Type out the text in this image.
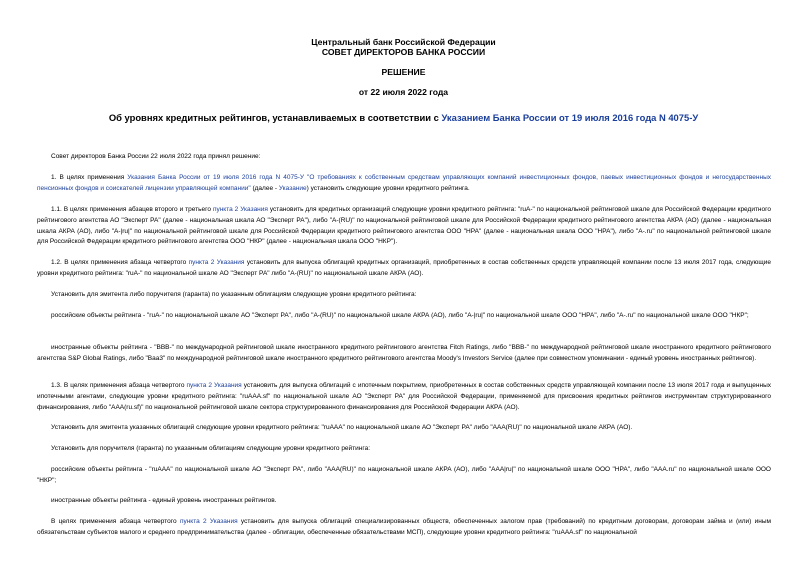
Центральный банк Российской Федерации
СОВЕТ ДИРЕКТОРОВ БАНКА РОССИИ
РЕШЕНИЕ
от 22 июля 2022 года
Об уровнях кредитных рейтингов, устанавливаемых в соответствии с Указанием Банка России от 19 июля 2016 года N 4075-У

Совет директоров Банка России 22 июля 2022 года принял решение:

1. В целях применения Указания Банка России от 19 июля 2016 года N 4075-У "О требованиях к собственным средствам управляющих компаний инвестиционных фондов, паевых инвестиционных фондов и негосударственных пенсионных фондов и соискателей лицензии управляющей компании" (далее - Указание) установить следующие уровни кредитного рейтинга.

1.1. В целях применения абзацев второго и третьего пункта 2 Указания установить для кредитных организаций следующие уровни кредитного рейтинга: "ruA-" по национальной рейтинговой шкале для Российской Федерации кредитного рейтингового агентства АО "Эксперт РА" (далее - национальная шкала АО "Эксперт РА"), либо "A-(RU)" по национальной рейтинговой шкале для Российской Федерации кредитного рейтингового агентства АКРА (АО) (далее - национальная шкала АКРА (АО), либо "A-|ru|" по национальной рейтинговой шкале для Российской Федерации кредитного рейтингового агентства ООО "НРА" (далее - национальная шкала ООО "НРА"), либо "A-.ru" по национальной рейтинговой шкале для Российской Федерации кредитного рейтингового агентства ООО "НКР" (далее - национальная шкала ООО "НКР").

1.2. В целях применения абзаца четвертого пункта 2 Указания установить для выпуска облигаций кредитных организаций, приобретенных в состав собственных средств управляющей компании после 13 июля 2017 года, следующие уровни кредитного рейтинга: "ruA-" по национальной шкале АО "Эксперт РА" либо "A-(RU)" по национальной шкале АКРА (АО).

Установить для эмитента либо поручителя (гаранта) по указанным облигациям следующие уровни кредитного рейтинга:

российские объекты рейтинга - "ruA-" по национальной шкале АО "Эксперт РА", либо "A-(RU)" по национальной шкале АКРА (АО), либо "A-|ru|" по национальной шкале ООО "НРА", либо "A-.ru" по национальной шкале ООО "НКР";

иностранные объекты рейтинга - "BBB-" по международной рейтинговой шкале иностранного кредитного рейтингового агентства Fitch Ratings, либо "BBB-" по международной рейтинговой шкале иностранного кредитного рейтингового агентства S&P Global Ratings, либо "Baa3" по международной рейтинговой шкале иностранного кредитного рейтингового агентства Moody's Investors Service (далее при совместном упоминании - единый уровень иностранных рейтингов).

1.3. В целях применения абзаца четвертого пункта 2 Указания установить для выпуска облигаций с ипотечным покрытием, приобретенных в состав собственных средств управляющей компании после 13 июля 2017 года и выпущенных ипотечными агентами, следующие уровни кредитного рейтинга: "ruAAA.sf" по национальной шкале АО "Эксперт РА" для Российской Федерации, применяемой для присвоения кредитных рейтингов инструментам структурированного финансирования, либо "AAA(ru.sf)" по национальной рейтинговой шкале сектора структурированного финансирования для Российской Федерации АКРА (АО).

Установить для эмитента указанных облигаций следующие уровни кредитного рейтинга: "ruAAA" по национальной шкале АО "Эксперт РА" либо "AAA(RU)" по национальной шкале АКРА (АО).

Установить для поручителя (гаранта) по указанным облигациям следующие уровни кредитного рейтинга:

российские объекты рейтинга - "ruAAA" по национальной шкале АО "Эксперт РА", либо "AAA(RU)" по национальной шкале АКРА (АО), либо "AAA|ru|" по национальной шкале ООО "НРА", либо "AAA.ru" по национальной шкале ООО "НКР";

иностранные объекты рейтинга - единый уровень иностранных рейтингов.

В целях применения абзаца четвертого пункта 2 Указания установить для выпуска облигаций специализированных обществ, обеспеченных залогом прав (требований) по кредитным договорам, договорам займа и (или) иным обязательствам субъектов малого и среднего предпринимательства (далее - облигации, обеспеченные обязательствами МСП), следующие уровни кредитного рейтинга: "ruAAA.sf" по национальной
